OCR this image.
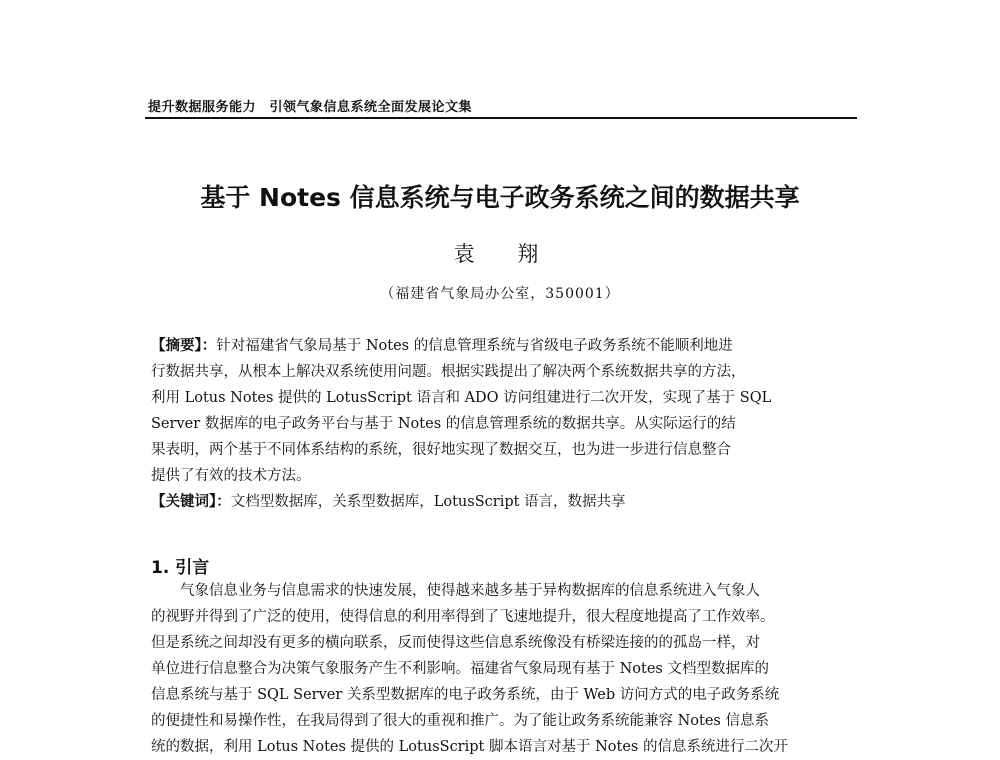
提升数据服务能力　引领气象信息系统全面发展论文集
基于 Notes 信息系统与电子政务系统之间的数据共享
袁 翔
（福建省气象局办公室，350001）
【摘要】：针对福建省气象局基于 Notes 的信息管理系统与省级电子政务系统不能顺利地进
行数据共享，从根本上解决双系统使用问题。根据实践提出了解决两个系统数据共享的方法，
利用 Lotus Notes 提供的 LotusScript 语言和 ADO 访问组建进行二次开发，实现了基于 SQL
Server 数据库的电子政务平台与基于 Notes 的信息管理系统的数据共享。从实际运行的结
果表明，两个基于不同体系结构的系统，很好地实现了数据交互，也为进一步进行信息整合
提供了有效的技术方法。
【关键词】：文档型数据库，关系型数据库，LotusScript 语言，数据共享
1. 引言
气象信息业务与信息需求的快速发展，使得越来越多基于异构数据库的信息系统进入气象人
的视野并得到了广泛的使用，使得信息的利用率得到了飞速地提升，很大程度地提高了工作效率。
但是系统之间却没有更多的横向联系，反而使得这些信息系统像没有桥梁连接的的孤岛一样，对
单位进行信息整合为决策气象服务产生不利影响。福建省气象局现有基于 Notes 文档型数据库的
信息系统与基于 SQL Server 关系型数据库的电子政务系统，由于 Web 访问方式的电子政务系统
的便捷性和易操作性，在我局得到了很大的重视和推广。为了能让政务系统能兼容 Notes 信息系
统的数据，利用 Lotus Notes 提供的 LotusScript 脚本语言对基于 Notes 的信息系统进行二次开
